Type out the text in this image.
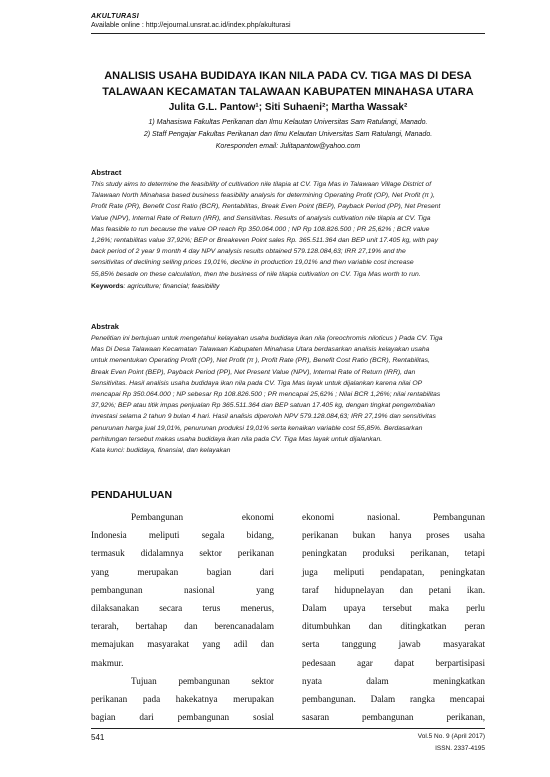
AKULTURASI
Available online : http://ejournal.unsrat.ac.id/index.php/akulturasi
ANALISIS USAHA BUDIDAYA IKAN NILA PADA CV. TIGA MAS DI DESA
TALAWAAN KECAMATAN TALAWAAN KABUPATEN MINAHASA UTARA
Julita G.L. Pantow¹; Siti Suhaeni²; Martha Wassak²
1) Mahasiswa Fakultas Perikanan dan Ilmu Kelautan Universitas Sam Ratulangi, Manado.
2) Staff Pengajar Fakultas Perikanan dan Ilmu Kelautan Universitas Sam Ratulangi, Manado.
Koresponden email: Julitapantow@yahoo.com
Abstract
This study aims to determine the feasibility of cultivation nile tilapia at CV. Tiga Mas in Talawaan Village District of
Talawaan North Minahasa based business feasibility analysis for determining Operating Profit (OP), Net Profit (π ),
Profit Rate (PR), Benefit Cost Ratio (BCR), Rentabilitas, Break Even Point (BEP), Payback Period (PP), Net Present
Value (NPV), Internal Rate of Return (IRR), and Sensitivitas. Results of analysis cultivation nile tilapia at CV. Tiga
Mas feasible to run because the value OP reach Rp 350.064.000 ; NP Rp 108.826.500 ; PR 25,62% ; BCR value
1,26%; rentabilitas value 37,92%; BEP or Breakeven Point sales Rp. 365.511.364 dan BEP unit 17.405 kg, with pay
back period of 2 year 9 month 4 day NPV analysis results obtained 579.128.084,63; IRR 27,19% and the
sensitivitas of declining selling prices 19,01%, decline in production 19,01% and then variable cost increase
55,85% besade on these calculation, then the business of nile tilapia cultivation on CV. Tiga Mas worth to run.
Keywords: agriculture; financial; feasibility
Abstrak
Penelitian ini bertujuan untuk mengetahui kelayakan usaha budidaya ikan nila (oreochromis niloticus ) Pada CV. Tiga
Mas Di Desa Talawaan Kecamatan Talawaan Kabupaten Minahasa Utara berdasarkan analisis kelayakan usaha
untuk menentukan Operating Profit (OP), Net Profit (π ), Profit Rate (PR), Benefit Cost Ratio (BCR), Rentabilitas,
Break Even Point (BEP), Payback Period (PP), Net Present Value (NPV), Internal Rate of Return (IRR), dan
Sensitivitas. Hasil analisis usaha budidaya ikan nila pada CV. Tiga Mas layak untuk dijalankan karena nilai OP
mencapai Rp 350.064.000 ; NP sebesar Rp 108.826.500 ; PR mencapai 25,62% ; Nilai BCR 1,26%; nilai rentabilitas
37,92%; BEP atau titik impas penjualan Rp 365.511.364 dan BEP satuan 17.405 kg, dengan tingkat pengembalian
investasi selama 2 tahun 9 bulan 4 hari. Hasil analisis diperoleh NPV 579.128.084,63; IRR 27,19% dan sensitivitas
penurunan harga jual 19,01%, penurunan produksi 19,01% serta kenaikan variable cost 55,85%. Berdasarkan
perhitungan tersebut makas usaha budidaya ikan nila pada CV. Tiga Mas layak untuk dijalankan.
Kata kunci: budidaya, finansial, dan kelayakan
PENDAHULUAN

Pembangunan ekonomi

Indonesia meliputi segala bidang,

termasuk didalamnya sektor perikanan

yang merupakan bagian dari

pembangunan nasional yang

dilaksanakan secara terus menerus,

terarah, bertahap dan berencanadalam

memajukan masyarakat yang adil dan

makmur.

Tujuan pembangunan sektor

perikanan pada hakekatnya merupakan

bagian dari pembangunan sosial

ekonomi nasional. Pembangunan

perikanan bukan hanya proses usaha

peningkatan produksi perikanan, tetapi

juga meliputi pendapatan, peningkatan

taraf hidupnelayan dan petani ikan.

Dalam upaya tersebut maka perlu

ditumbuhkan dan ditingkatkan peran

serta tanggung jawab masyarakat

pedesaan agar dapat berpartisipasi

nyata dalam meningkatkan

pembangunan. Dalam rangka mencapai

sasaran pembangunan perikanan,

541	Vol.5 No. 9 (April 2017)
ISSN. 2337-4195
